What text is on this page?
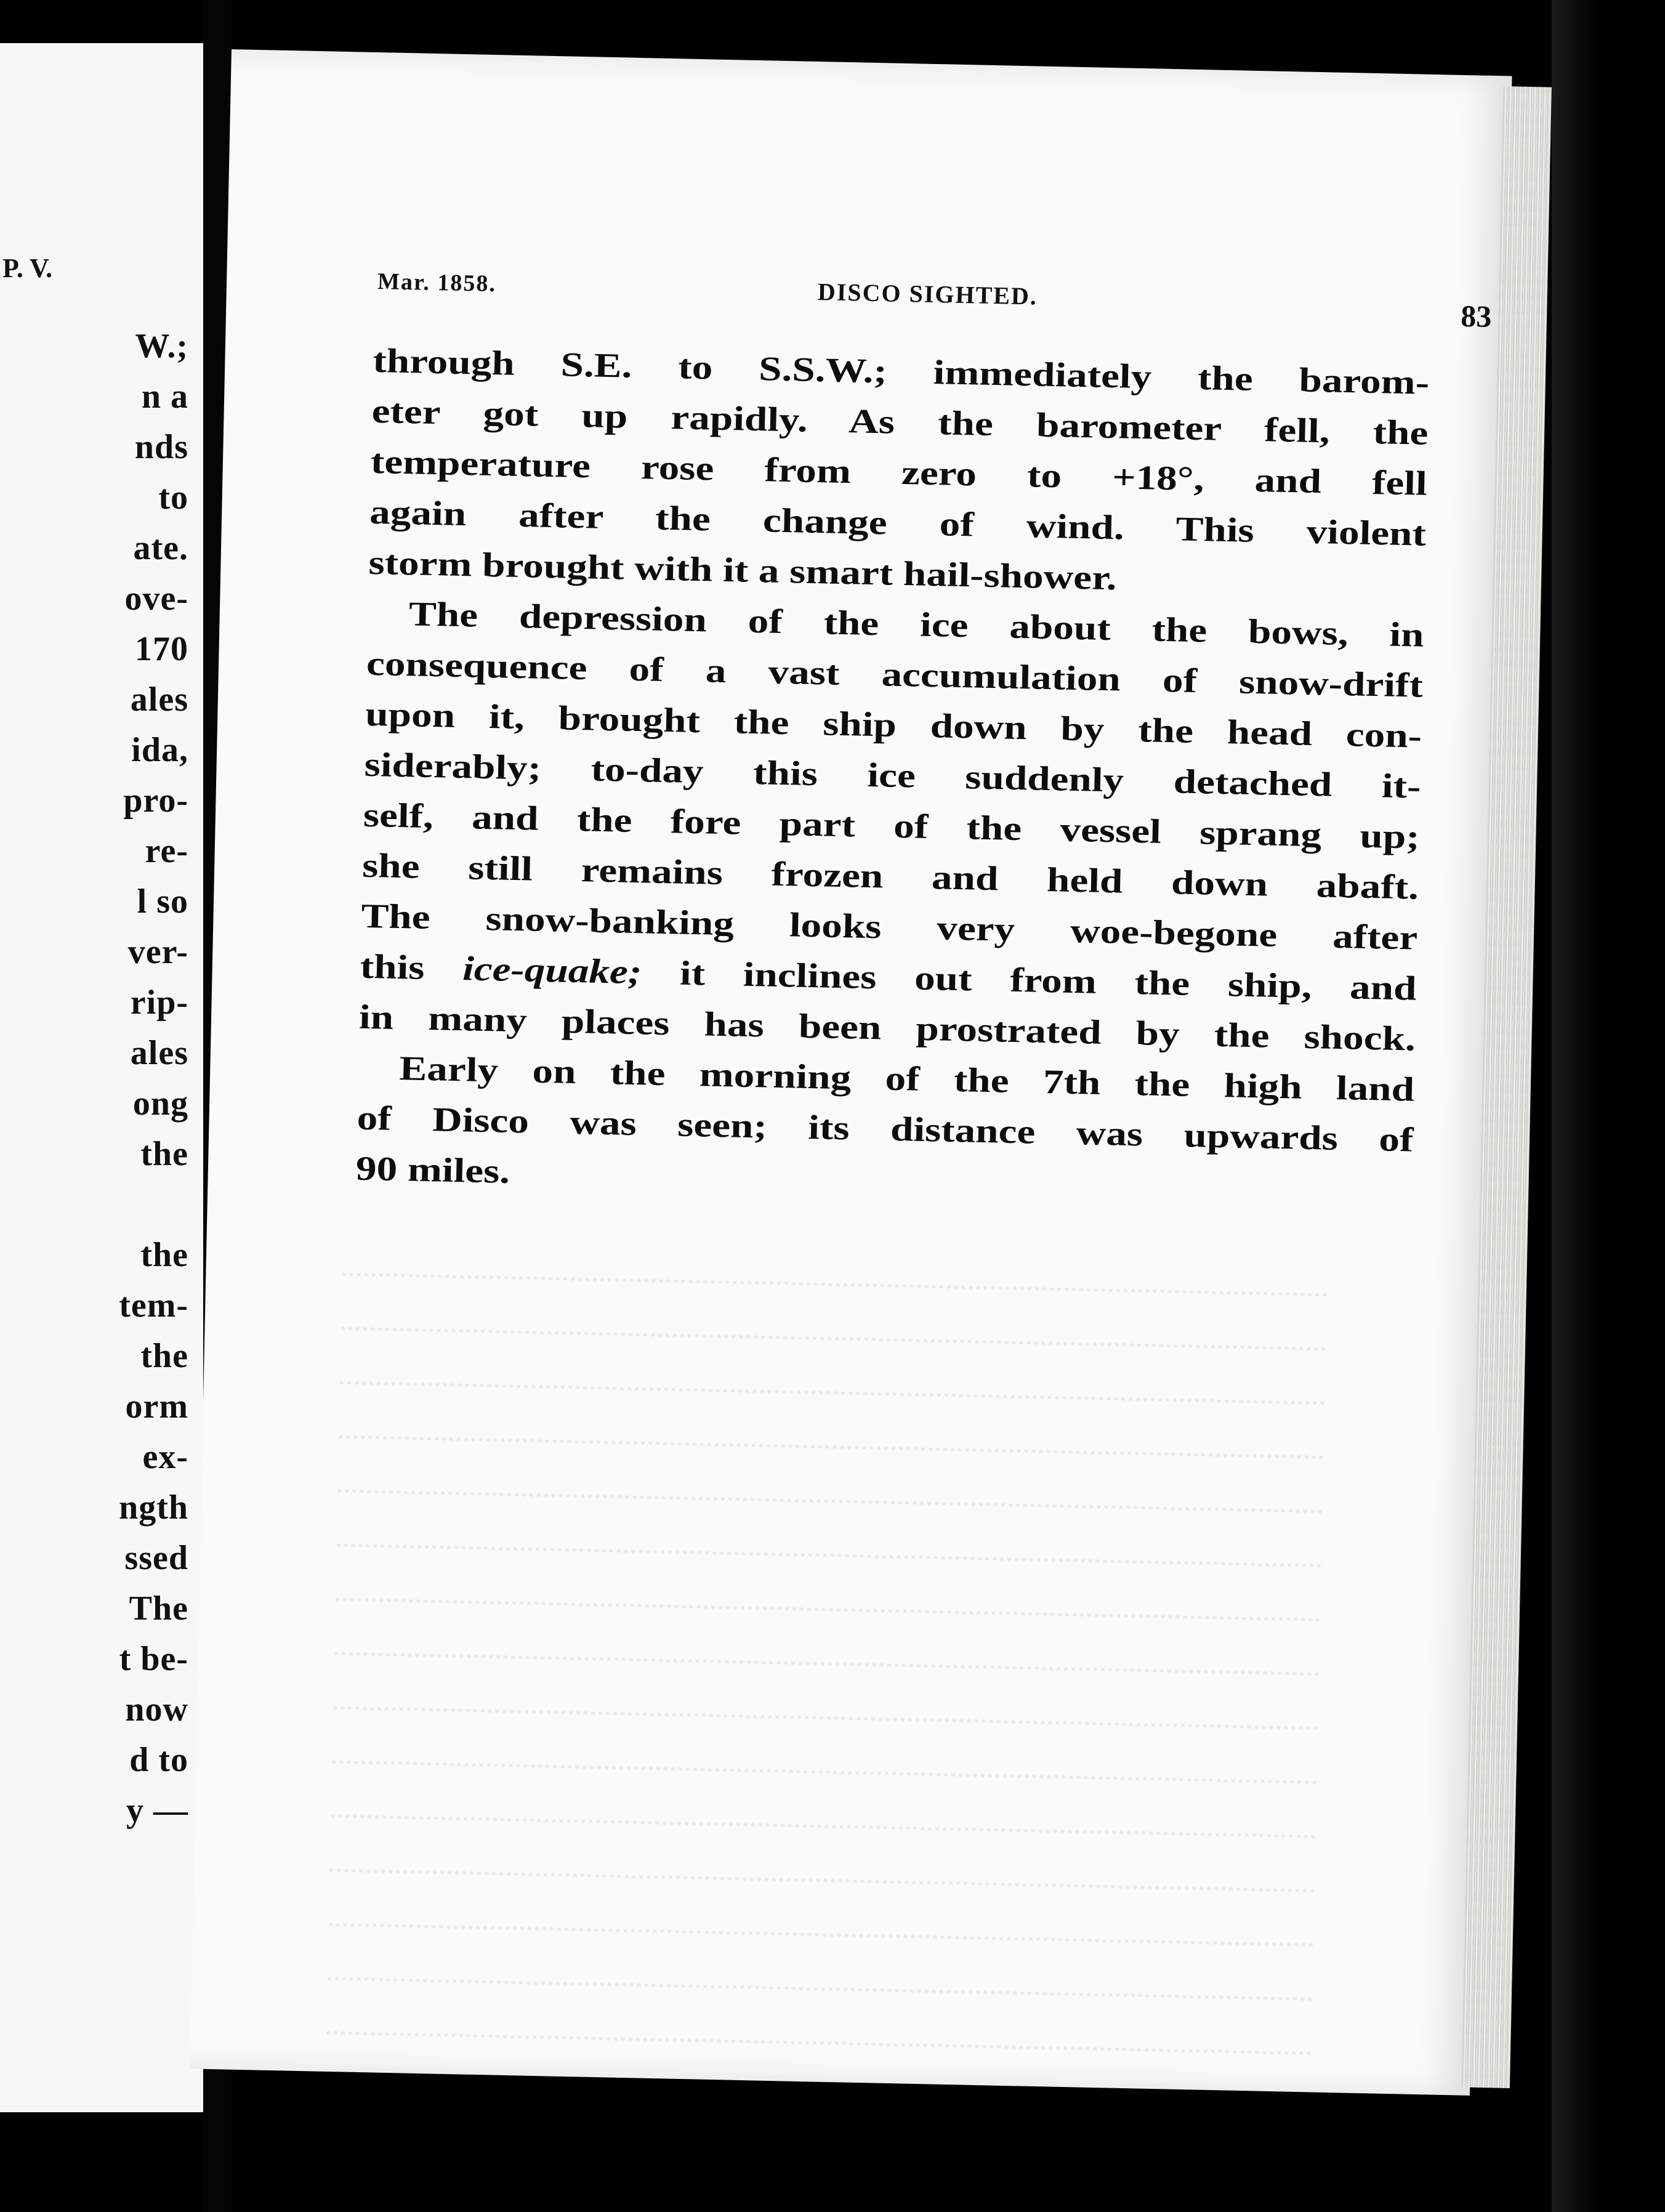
P. V.
W.;
n a
nds
to
ate.
ove-
170
ales
ida,
pro-
re-
l so
ver-
rip-
ales
ong
the
the
tem-
the
orm
ex-
ngth
ssed
The
t be-
now
d to
y —
Mar. 1858.	DISCO SIGHTED.
83
through S.E. to S.S.W.; immediately the barom-
eter got up rapidly. As the barometer fell, the
temperature rose from zero to +18°, and fell
again after the change of wind. This violent
storm brought with it a smart hail-shower.
The depression of the ice about the bows, in
consequence of a vast accumulation of snow-drift
upon it, brought the ship down by the head con-
siderably; to-day this ice suddenly detached it-
self, and the fore part of the vessel sprang up;
she still remains frozen and held down abaft.
The snow-banking looks very woe-begone after
this ice-quake; it inclines out from the ship, and
in many places has been prostrated by the shock.
Early on the morning of the 7th the high land
of Disco was seen; its distance was upwards of
90 miles.
